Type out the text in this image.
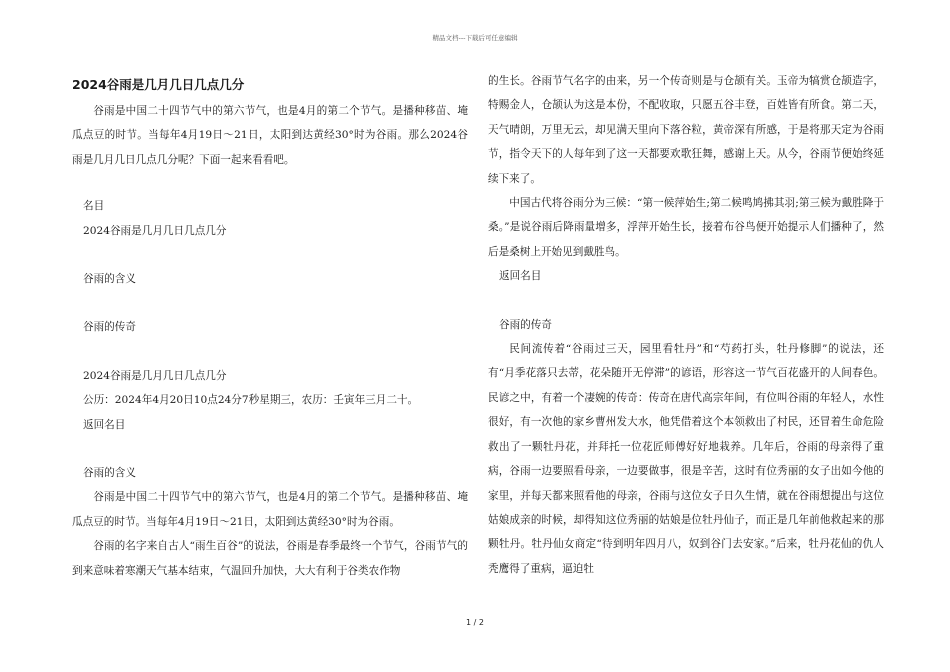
精品文档---下载后可任意编辑
2024谷雨是几月几日几点几分

谷雨是中国二十四节气中的第六节气，也是4月的第二个节气。是播种移苗、埯瓜点豆的时节。当每年4月19日～21日，太阳到达黄经30°时为谷雨。那么2024谷雨是几月几日几点几分呢？下面一起来看看吧。

名目
2024谷雨是几月几日几点几分
谷雨的含义
谷雨的传奇
2024谷雨是几月几日几点几分
公历：2024年4月20日10点24分7秒星期三，农历：壬寅年三月二十。
返回名目
谷雨的含义

谷雨是中国二十四节气中的第六节气，也是4月的第二个节气。是播种移苗、埯瓜点豆的时节。当每年4月19日～21日，太阳到达黄经30°时为谷雨。

谷雨的名字来自古人“雨生百谷”的说法，谷雨是春季最终一个节气，谷雨节气的到来意味着寒潮天气基本结束，气温回升加快，大大有利于谷类农作物

的生长。谷雨节气名字的由来，另一个传奇则是与仓颉有关。玉帝为犒赏仓颉造字，特赐金人，仓颉认为这是本份，不配收取，只愿五谷丰登，百姓皆有所食。第二天，天气晴朗，万里无云，却见满天里向下落谷粒，黄帝深有所感，于是将那天定为谷雨节，指令天下的人每年到了这一天都要欢歌狂舞，感谢上天。从今，谷雨节便始终延续下来了。

中国古代将谷雨分为三候：“第一候萍始生;第二候鸣鸠拂其羽;第三候为戴胜降于桑。”是说谷雨后降雨量增多，浮萍开始生长，接着布谷鸟便开始提示人们播种了，然后是桑树上开始见到戴胜鸟。

返回名目
谷雨的传奇

民间流传着“谷雨过三天，园里看牡丹”和“芍药打头，牡丹修脚”的说法，还有“月季花落只去蒂，花朵随开无停滞”的谚语，形容这一节气百花盛开的人间春色。民谚之中，有着一个凄婉的传奇：传奇在唐代高宗年间，有位叫谷雨的年轻人，水性很好，有一次他的家乡曹州发大水，他凭借着这个本领救出了村民，还冒着生命危险救出了一颗牡丹花，并拜托一位花匠师傅好好地栽养。几年后，谷雨的母亲得了重病，谷雨一边要照看母亲，一边要做事，很是辛苦，这时有位秀丽的女子出如今他的家里，并每天都来照看他的母亲，谷雨与这位女子日久生情，就在谷雨想提出与这位姑娘成亲的时候，却得知这位秀丽的姑娘是位牡丹仙子，而正是几年前他救起来的那颗牡丹。牡丹仙女商定“待到明年四月八，奴到谷门去安家。”后来，牡丹花仙的仇人秃鹰得了重病，逼迫牡

1 / 2
